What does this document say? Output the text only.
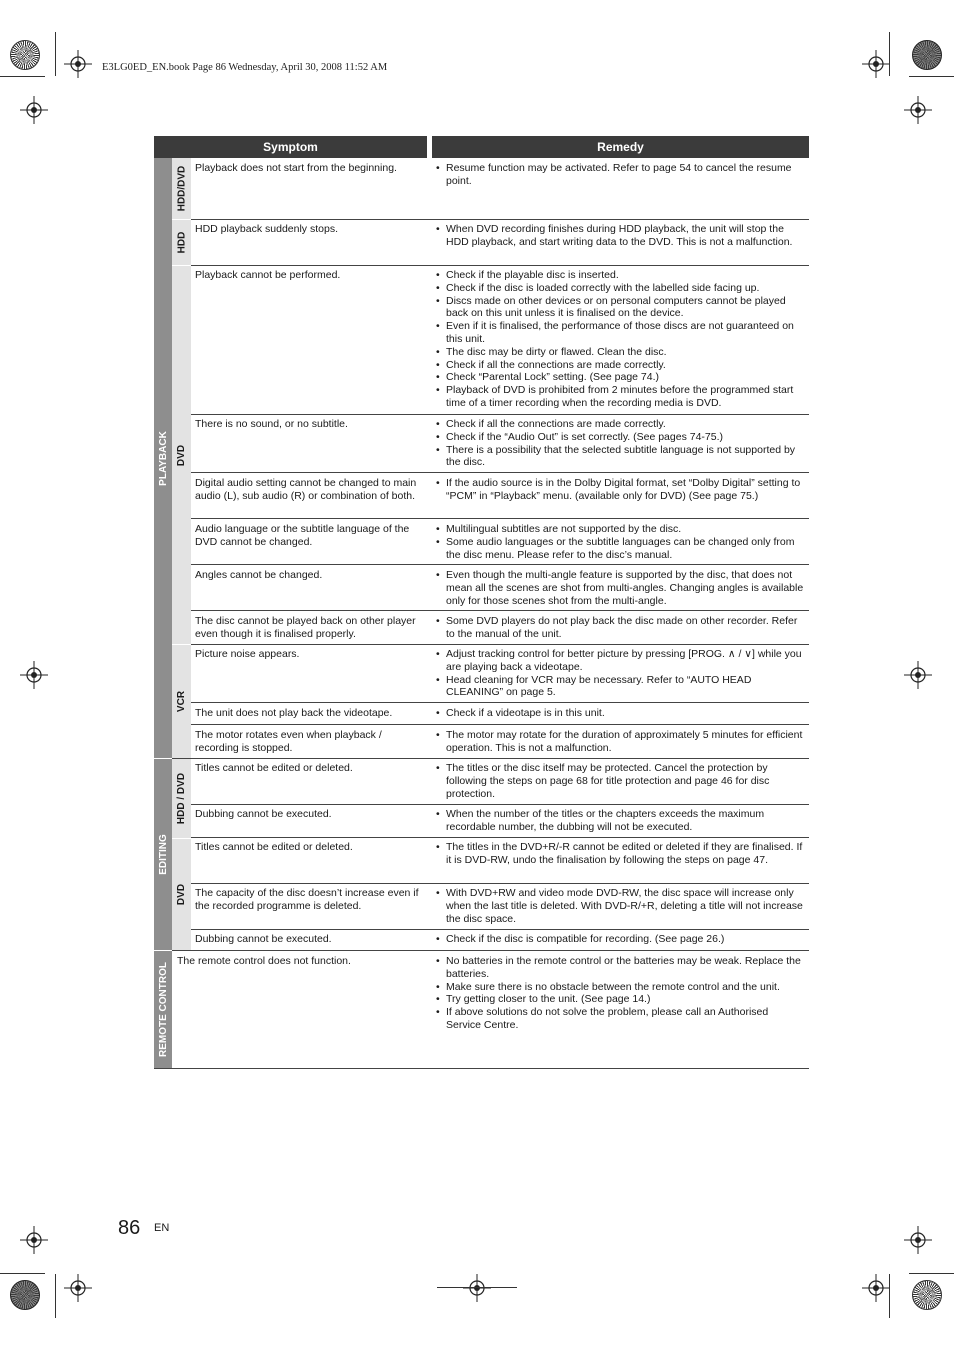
E3LG0ED_EN.book Page 86 Wednesday, April 30, 2008 11:52 AM
Symptom	Remedy
PLAYBACK
EDITING
REMOTE CONTROL
HDD/DVD
HDD
DVD
VCR
HDD / DVD
DVD
Playback does not start from the beginning.
HDD playback suddenly stops.
Playback cannot be performed.
There is no sound, or no subtitle.
Digital audio setting cannot be changed to main audio (L), sub audio (R) or combination of both.
Audio language or the subtitle language of the DVD cannot be changed.
Angles cannot be changed.
The disc cannot be played back on other player even though it is finalised properly.
Picture noise appears.
The unit does not play back the videotape.
The motor rotates even when playback / recording is stopped.
Titles cannot be edited or deleted.
Dubbing cannot be executed.
Titles cannot be edited or deleted.
The capacity of the disc doesn’t increase even if the recorded programme is deleted.
Dubbing cannot be executed.
The remote control does not function.
• Resume function may be activated. Refer to page 54 to cancel the resume point.
• When DVD recording finishes during HDD playback, the unit will stop the HDD playback, and start writing data to the DVD. This is not a malfunction.
• Check if the playable disc is inserted.
• Check if the disc is loaded correctly with the labelled side facing up.
• Discs made on other devices or on personal computers cannot be played back on this unit unless it is finalised on the device.
• Even if it is finalised, the performance of those discs are not guaranteed on this unit.
• The disc may be dirty or flawed. Clean the disc.
• Check if all the connections are made correctly.
• Check “Parental Lock” setting. (See page 74.)
• Playback of DVD is prohibited from 2 minutes before the programmed start time of a timer recording when the recording media is DVD.
• Check if all the connections are made correctly.
• Check if the “Audio Out” is set correctly. (See pages 74-75.)
• There is a possibility that the selected subtitle language is not supported by the disc.
• If the audio source is in the Dolby Digital format, set “Dolby Digital” setting to “PCM” in “Playback” menu. (available only for DVD) (See page 75.)
• Multilingual subtitles are not supported by the disc.
• Some audio languages or the subtitle languages can be changed only from the disc menu. Please refer to the disc’s manual.
• Even though the multi-angle feature is supported by the disc, that does not mean all the scenes are shot from multi-angles. Changing angles is available only for those scenes shot from the multi-angle.
• Some DVD players do not play back the disc made on other recorder. Refer to the manual of the unit.
• Adjust tracking control for better picture by pressing [PROG. ∧ / ∨] while you are playing back a videotape.
• Head cleaning for VCR may be necessary. Refer to “AUTO HEAD CLEANING” on page 5.
• Check if a videotape is in this unit.
• The motor may rotate for the duration of approximately 5 minutes for efficient operation. This is not a malfunction.
• The titles or the disc itself may be protected. Cancel the protection by following the steps on page 68 for title protection and page 46 for disc protection.
• When the number of the titles or the chapters exceeds the maximum recordable number, the dubbing will not be executed.
• The titles in the DVD+R/-R cannot be edited or deleted if they are finalised. If it is DVD-RW, undo the finalisation by following the steps on page 47.
• With DVD+RW and video mode DVD-RW, the disc space will increase only when the last title is deleted. With DVD-R/+R, deleting a title will not increase the disc space.
• Check if the disc is compatible for recording. (See page 26.)
• No batteries in the remote control or the batteries may be weak. Replace the batteries.
• Make sure there is no obstacle between the remote control and the unit.
• Try getting closer to the unit. (See page 14.)
• If above solutions do not solve the problem, please call an Authorised Service Centre.
86 EN
